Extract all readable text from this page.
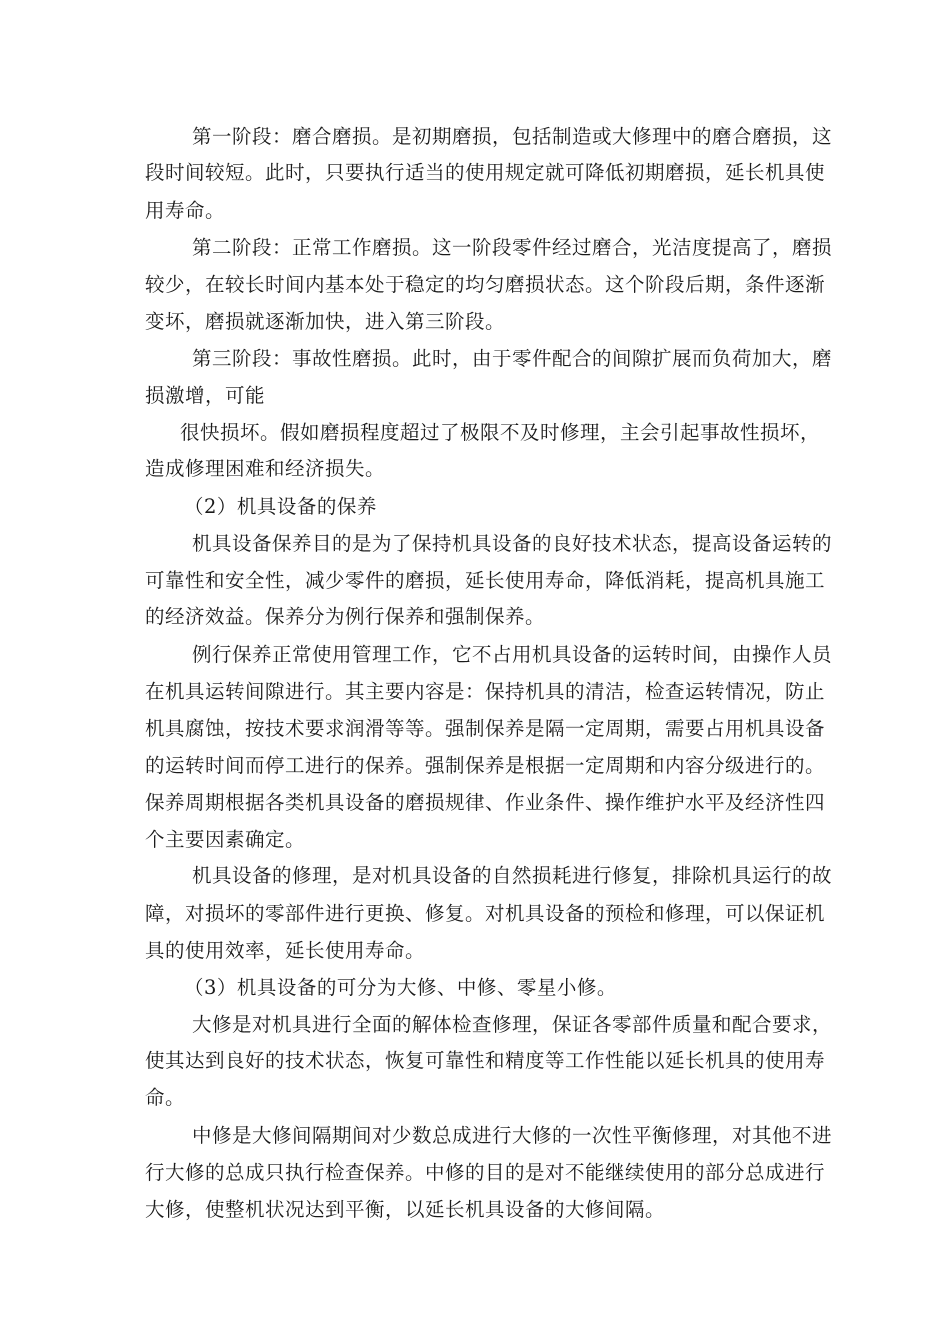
第一阶段：磨合磨损。是初期磨损，包括制造或大修理中的磨合磨损，这
段时间较短。此时，只要执行适当的使用规定就可降低初期磨损，延长机具使
用寿命。
第二阶段：正常工作磨损。这一阶段零件经过磨合，光洁度提高了，磨损
较少，在较长时间内基本处于稳定的均匀磨损状态。这个阶段后期，条件逐渐
变坏，磨损就逐渐加快，进入第三阶段。
第三阶段：事故性磨损。此时，由于零件配合的间隙扩展而负荷加大，磨
损激增，可能
很快损坏。假如磨损程度超过了极限不及时修理，主会引起事故性损坏，
造成修理困难和经济损失。
（2）机具设备的保养
机具设备保养目的是为了保持机具设备的良好技术状态，提高设备运转的
可靠性和安全性，减少零件的磨损，延长使用寿命，降低消耗，提高机具施工
的经济效益。保养分为例行保养和强制保养。
例行保养正常使用管理工作，它不占用机具设备的运转时间，由操作人员
在机具运转间隙进行。其主要内容是：保持机具的清洁，检查运转情况，防止
机具腐蚀，按技术要求润滑等等。强制保养是隔一定周期，需要占用机具设备
的运转时间而停工进行的保养。强制保养是根据一定周期和内容分级进行的。
保养周期根据各类机具设备的磨损规律、作业条件、操作维护水平及经济性四
个主要因素确定。
机具设备的修理，是对机具设备的自然损耗进行修复，排除机具运行的故
障，对损坏的零部件进行更换、修复。对机具设备的预检和修理，可以保证机
具的使用效率，延长使用寿命。
（3）机具设备的可分为大修、中修、零星小修。
大修是对机具进行全面的解体检查修理，保证各零部件质量和配合要求，
使其达到良好的技术状态，恢复可靠性和精度等工作性能以延长机具的使用寿
命。
中修是大修间隔期间对少数总成进行大修的一次性平衡修理，对其他不进
行大修的总成只执行检查保养。中修的目的是对不能继续使用的部分总成进行
大修，使整机状况达到平衡，以延长机具设备的大修间隔。
